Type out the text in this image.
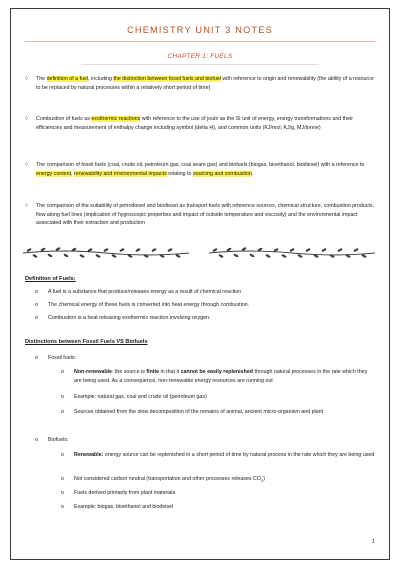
CHEMISTRY UNIT 3 NOTES
CHAPTER 1: FUELS
◊ The definition of a fuel, including the distinction between fossil fuels and biofuel with reference to origin and renewability (the ability of a resource to be replaced by natural processes within a relatively short period of time)

◊ Combustion of fuels as exothermic reactions with reference to the use of joule as the SI unit of energy, energy transformations and their efficiencies and measurement of enthalpy change including symbol (delta H), and common units (KJ/mol, KJ/g, MJ/tonne)

◊ The comparison of fossil fuels (coal, crude oil, petroleum gas, coal seam gas) and biofuels (biogas, bioethanol, biodiesel) with a reference to energy content, renewability and environmental impacts relating to sourcing and combustion.

◊ The comparison of the suitability of petrodiesel and biodiesel as transport fuels with reference sources, chemical structure, combustion products, flow along fuel lines (implication of hygroscopic properties and impact of outside temperature and viscosity) and the environmental impact associated with their extraction and production

Definition of Fuels:
o A fuel is a substance that produce/releases energy as a result of chemical reaction

o The chemical energy of these fuels is converted into heat energy through combustion.

o Combustion is a heat releasing exothermic reaction involving oxygen.

Distinctions between Fossil Fuels VS Biofuels
o Fossil fuels:

o Non-renewable: the source is finite in that it cannot be easily replenished through natural processes in the rate which they are being used. As a consequence, non-renewable energy resources are running out

o Example: natural gas, coal and crude oil (petroleum gas)

o Sources obtained from the slow decomposition of the remains of animal, ancient micro-organism and plant

o Biofuels:

o Renewable: energy source can be replenished in a short period of time by natural process in the rate which they are being used

o Not considered carbon neutral (transportation and other processes releases $CO_2$)

o Fuels derived primarily from plant materials

o Example: biogas, bioethanol and biodiesel

1
